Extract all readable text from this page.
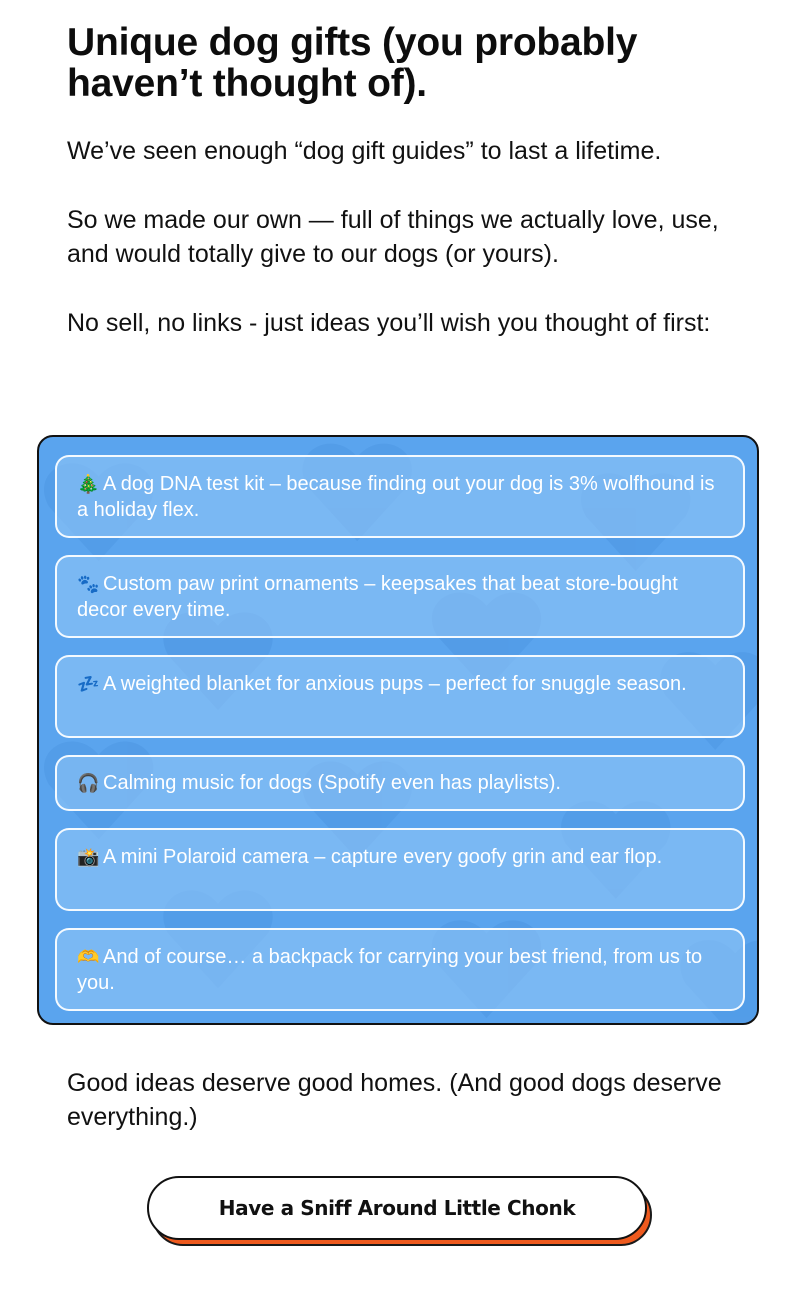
Unique dog gifts (you probably haven’t thought of).

We’ve seen enough “dog gift guides” to last a lifetime.

So we made our own — full of things we actually love, use, and would totally give to our dogs (or yours).

No sell, no links - just ideas you’ll wish you thought of first:

🎄 A dog DNA test kit – because finding out your dog is 3% wolfhound is a holiday flex.
🐾 Custom paw print ornaments – keepsakes that beat store-bought decor every time.
💤 A weighted blanket for anxious pups – perfect for snuggle season.
🎧 Calming music for dogs (Spotify even has playlists).
📸 A mini Polaroid camera – capture every goofy grin and ear flop.
🫶 And of course… a backpack for carrying your best friend, from us to you.

Good ideas deserve good homes. (And good dogs deserve everything.)

Have a Sniff Around Little Chonk
